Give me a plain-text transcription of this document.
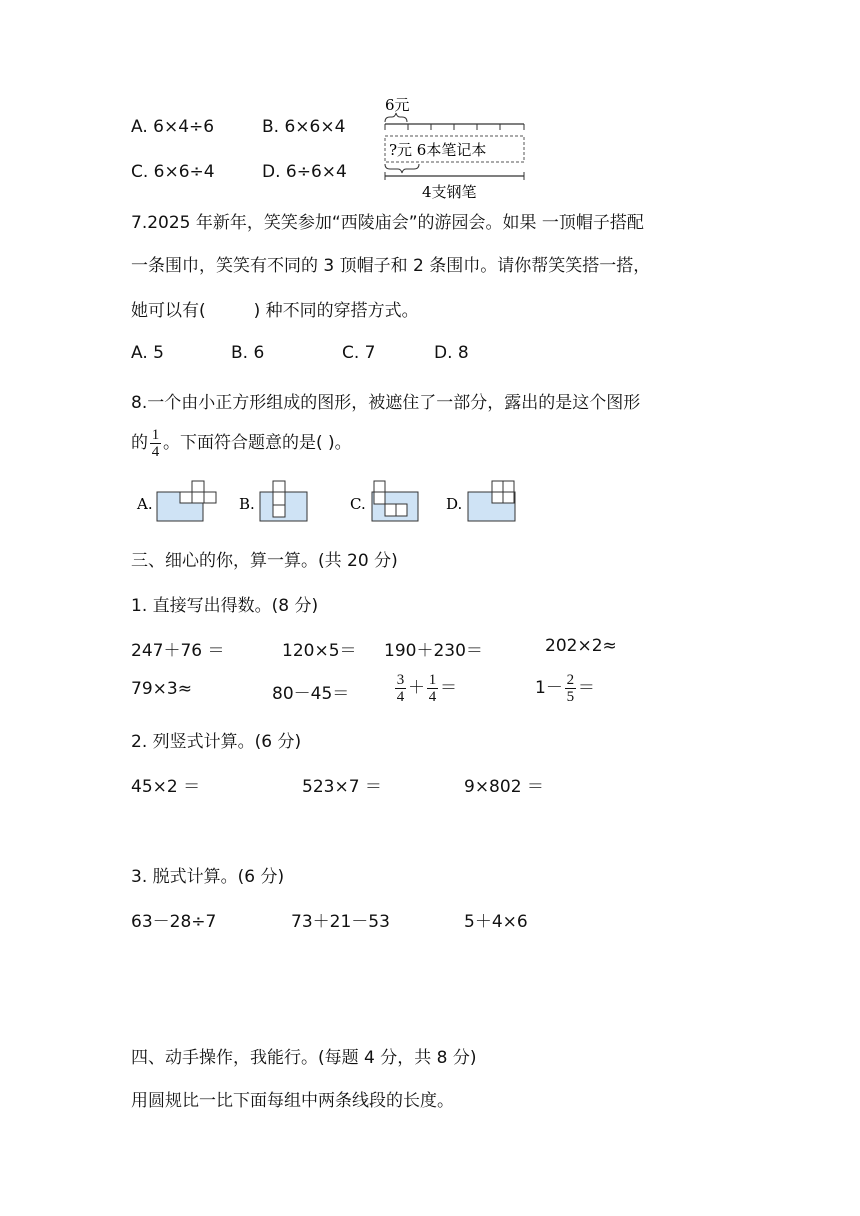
A. 6×4÷6	B. 6×6×4
C. 6×6÷4	D. 6÷6×4
6元
?元 6本笔记本
4支钢笔
7.2025 年新年，笑笑参加“西陵庙会”的游园会。如果 一顶帽子搭配
一条围巾，笑笑有不同的 3 顶帽子和 2 条围巾。请你帮笑笑搭一搭，
她可以有(	) 种不同的穿搭方式。
A. 5	B. 6	C. 7	D. 8
8.一个由小正方形组成的图形，被遮住了一部分，露出的是这个图形
的 $\frac{1}{4}$ 。下面符合题意的是( )。
A.	B.	C.	D.
三、细心的你，算一算。(共 20 分)
1. 直接写出得数。(8 分)
247＋76 ＝	120×5＝ 190＋230＝	202×2≈
79×3≈	80－45＝	$\frac{3}{4} + \frac{1}{4}$ ＝	$1- \frac{2}{5}$ ＝
2. 列竖式计算。(6 分)
45×2 ＝	523×7 ＝	9×802 ＝
3. 脱式计算。(6 分)
63－28÷7	73＋21－53	5＋4×6
四、动手操作，我能行。(每题 4 分，共 8 分)
用圆规比一比下面每组中两条线段的长度。
